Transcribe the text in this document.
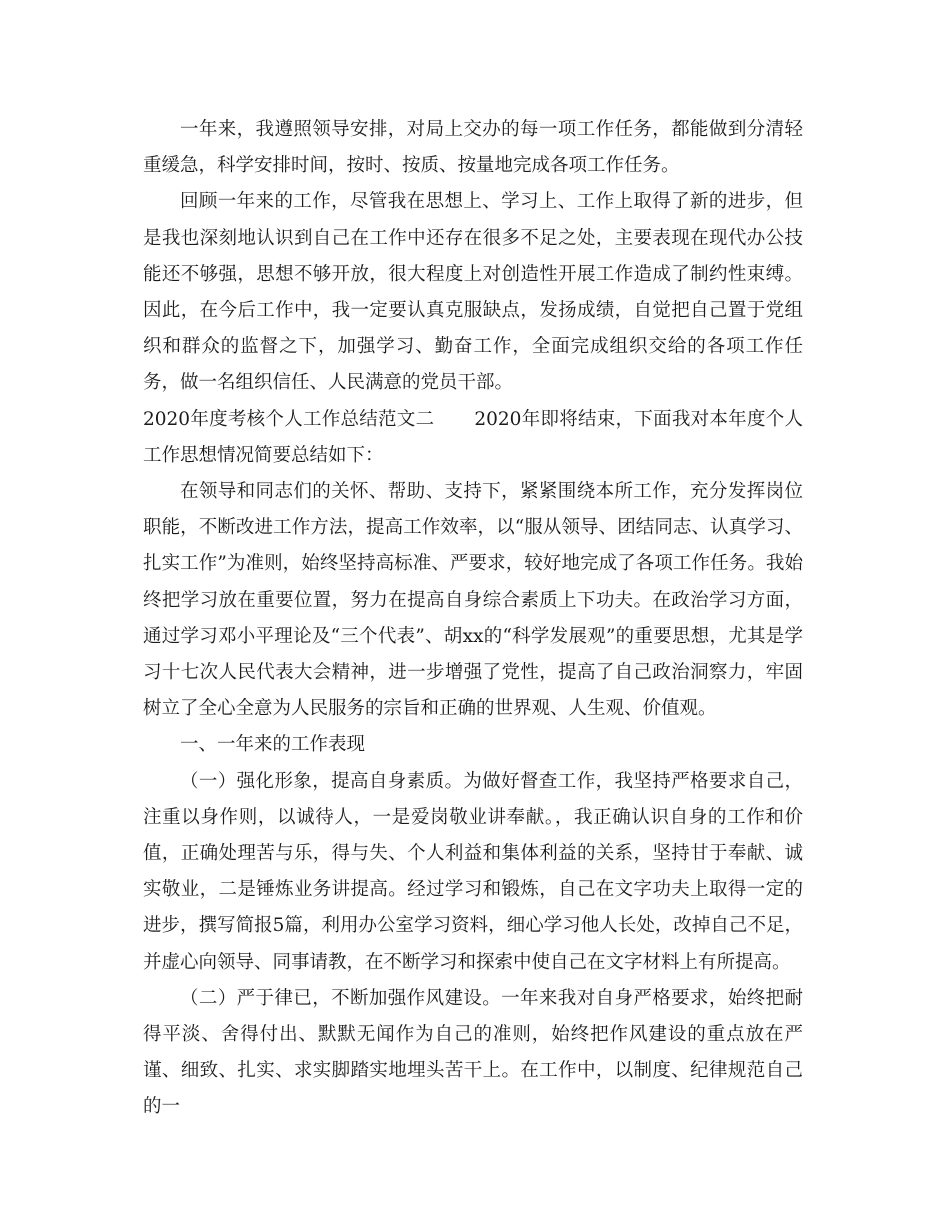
一年来，我遵照领导安排，对局上交办的每一项工作任务，都能做到分清轻重缓急，科学安排时间，按时、按质、按量地完成各项工作任务。

回顾一年来的工作，尽管我在思想上、学习上、工作上取得了新的进步，但是我也深刻地认识到自己在工作中还存在很多不足之处，主要表现在现代办公技能还不够强，思想不够开放，很大程度上对创造性开展工作造成了制约性束缚。因此，在今后工作中，我一定要认真克服缺点，发扬成绩，自觉把自己置于党组织和群众的监督之下，加强学习、勤奋工作，全面完成组织交给的各项工作任务，做一名组织信任、人民满意的党员干部。

2020年度考核个人工作总结范文二 2020年即将结束，下面我对本年度个人工作思想情况简要总结如下：

在领导和同志们的关怀、帮助、支持下，紧紧围绕本所工作，充分发挥岗位职能，不断改进工作方法，提高工作效率，以“服从领导、团结同志、认真学习、扎实工作”为准则，始终坚持高标准、严要求，较好地完成了各项工作任务。我始终把学习放在重要位置，努力在提高自身综合素质上下功夫。在政治学习方面，通过学习邓小平理论及“三个代表”、胡xx的“科学发展观”的重要思想，尤其是学习十七次人民代表大会精神，进一步增强了党性，提高了自己政治洞察力，牢固树立了全心全意为人民服务的宗旨和正确的世界观、人生观、价值观。

一、一年来的工作表现

（一）强化形象，提高自身素质。为做好督查工作，我坚持严格要求自己，注重以身作则，以诚待人，一是爱岗敬业讲奉献。，我正确认识自身的工作和价值，正确处理苦与乐，得与失、个人利益和集体利益的关系，坚持甘于奉献、诚实敬业，二是锤炼业务讲提高。经过学习和锻炼，自己在文字功夫上取得一定的进步，撰写简报5篇，利用办公室学习资料，细心学习他人长处，改掉自己不足，并虚心向领导、同事请教，在不断学习和探索中使自己在文字材料上有所提高。

（二）严于律已，不断加强作风建设。一年来我对自身严格要求，始终把耐得平淡、舍得付出、默默无闻作为自己的准则，始终把作风建设的重点放在严谨、细致、扎实、求实脚踏实地埋头苦干上。在工作中，以制度、纪律规范自己的一
